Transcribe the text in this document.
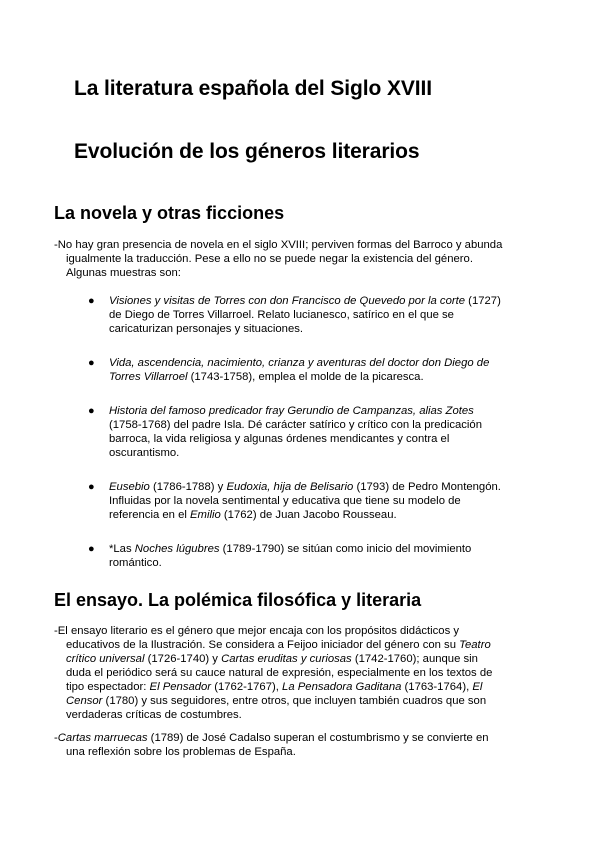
La literatura española del Siglo XVIII
Evolución de los géneros literarios
La novela y otras ficciones
-No hay gran presencia de novela en el siglo XVIII; perviven formas del Barroco y abunda igualmente la traducción. Pese a ello no se puede negar la existencia del género. Algunas muestras son:
● Visiones y visitas de Torres con don Francisco de Quevedo por la corte (1727) de Diego de Torres Villarroel. Relato lucianesco, satírico en el que se caricaturizan personajes y situaciones.
● Vida, ascendencia, nacimiento, crianza y aventuras del doctor don Diego de Torres Villarroel (1743-1758), emplea el molde de la picaresca.
● Historia del famoso predicador fray Gerundio de Campanzas, alias Zotes (1758-1768) del padre Isla. Dé carácter satírico y crítico con la predicación barroca, la vida religiosa y algunas órdenes mendicantes y contra el oscurantismo.
● Eusebio (1786-1788) y Eudoxia, hija de Belisario (1793) de Pedro Montengón. Influidas por la novela sentimental y educativa que tiene su modelo de referencia en el Emilio (1762) de Juan Jacobo Rousseau.
● *Las Noches lúgubres (1789-1790) se sitúan como inicio del movimiento romántico.
El ensayo. La polémica filosófica y literaria
-El ensayo literario es el género que mejor encaja con los propósitos didácticos y educativos de la Ilustración. Se considera a Feijoo iniciador del género con su Teatro crítico universal (1726-1740) y Cartas eruditas y curiosas (1742-1760); aunque sin duda el periódico será su cauce natural de expresión, especialmente en los textos de tipo espectador: El Pensador (1762-1767), La Pensadora Gaditana (1763-1764), El Censor (1780) y sus seguidores, entre otros, que incluyen también cuadros que son verdaderas críticas de costumbres.
-Cartas marruecas (1789) de José Cadalso superan el costumbrismo y se convierte en una reflexión sobre los problemas de España.
